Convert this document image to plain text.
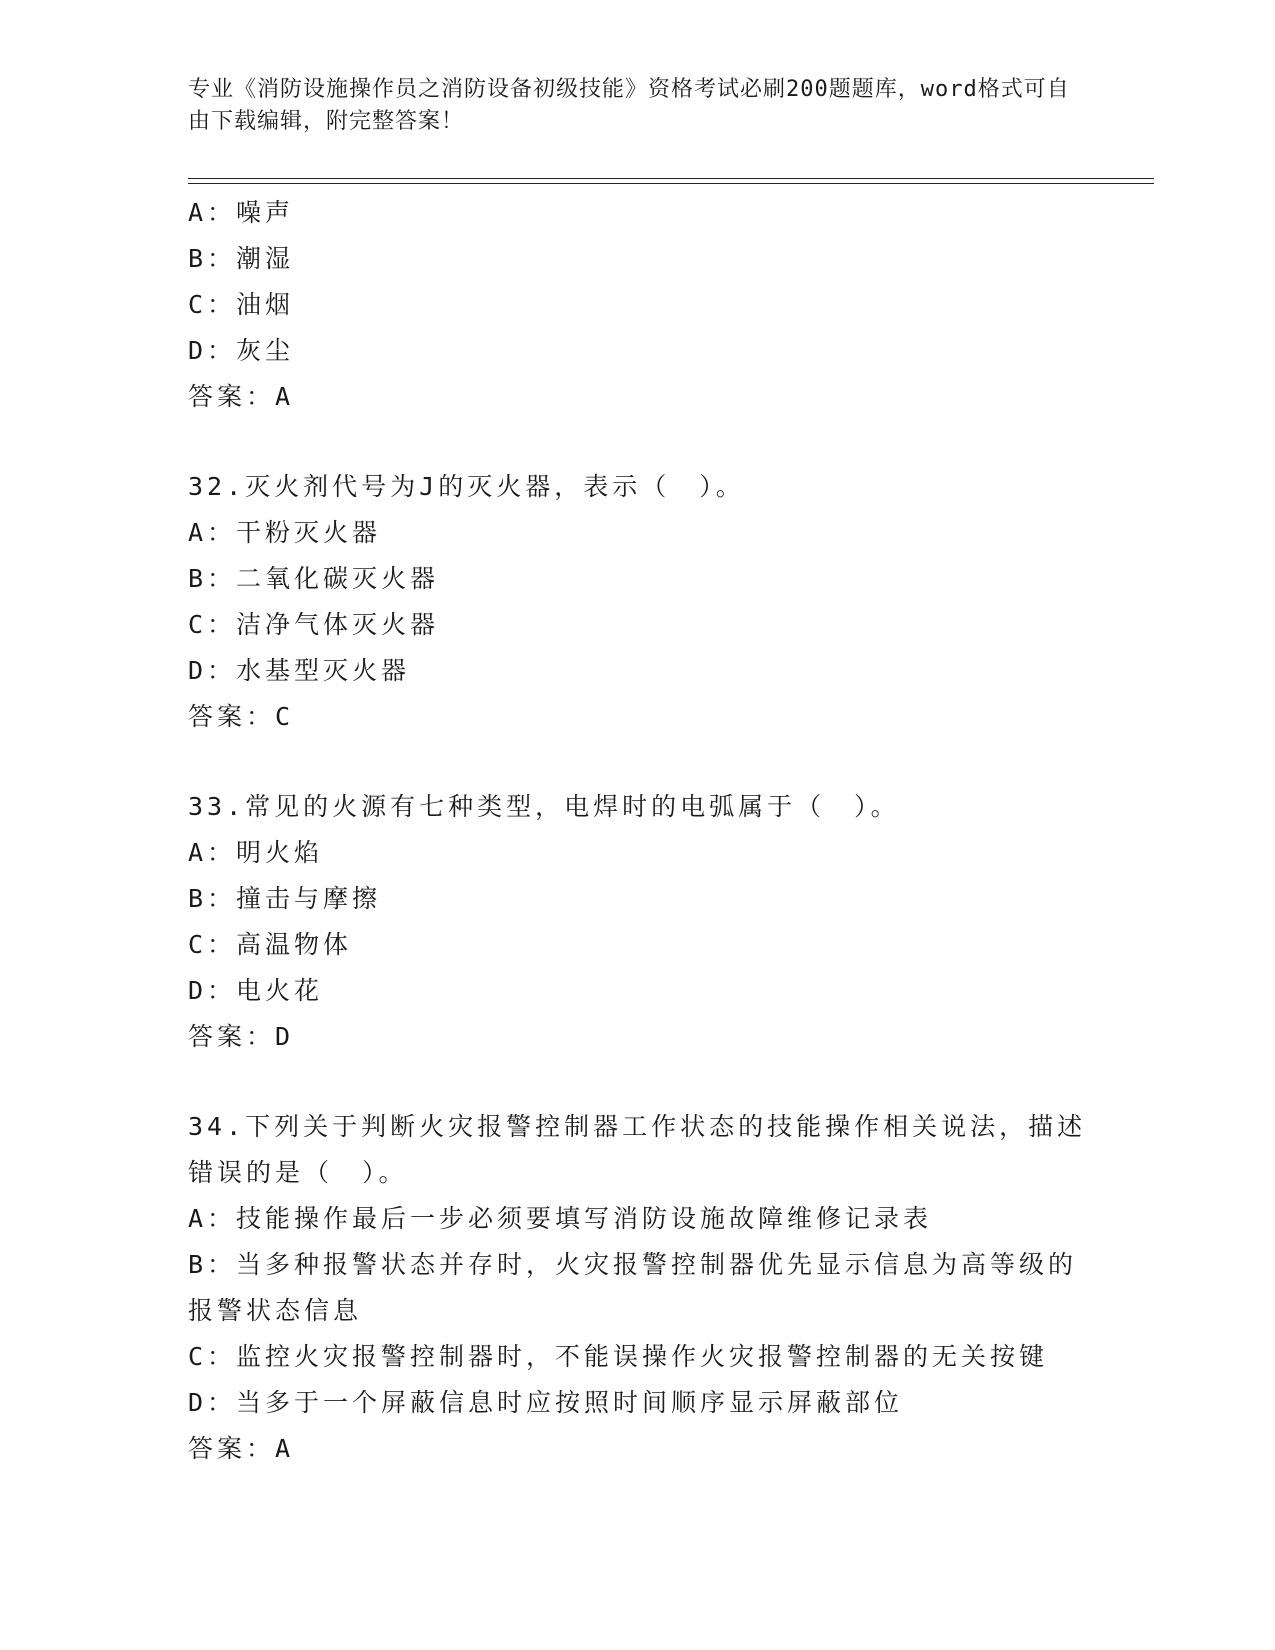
专业《消防设施操作员之消防设备初级技能》资格考试必刷200题题库，word格式可自由下载编辑，附完整答案！
A：噪声
B：潮湿
C：油烟
D：灰尘
答案：A
32.灭火剂代号为J的灭火器，表示（　）。
A：干粉灭火器
B：二氧化碳灭火器
C：洁净气体灭火器
D：水基型灭火器
答案：C
33.常见的火源有七种类型，电焊时的电弧属于（　）。
A：明火焰
B：撞击与摩擦
C：高温物体
D：电火花
答案：D
34.下列关于判断火灾报警控制器工作状态的技能操作相关说法，描述错误的是（　）。
A：技能操作最后一步必须要填写消防设施故障维修记录表
B：当多种报警状态并存时，火灾报警控制器优先显示信息为高等级的报警状态信息
C：监控火灾报警控制器时，不能误操作火灾报警控制器的无关按键
D：当多于一个屏蔽信息时应按照时间顺序显示屏蔽部位
答案：A
